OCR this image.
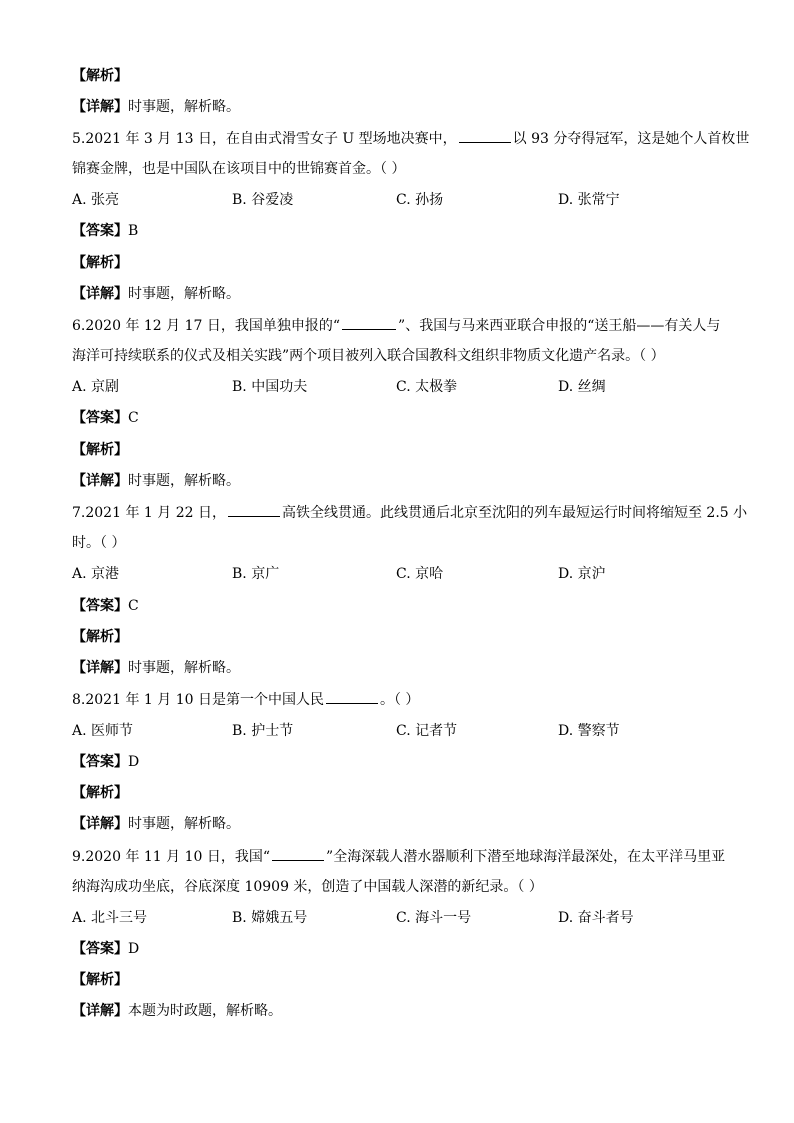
【解析】
【详解】时事题，解析略。
5.2021 年 3 月 13 日，在自由式滑雪女子 U 型场地决赛中，	以 93 分夺得冠军，这是她个人首枚世
锦赛金牌，也是中国队在该项目中的世锦赛首金。（ ）
A. 张亮	B. 谷爱凌	C. 孙扬	D. 张常宁
【答案】B
【解析】
【详解】时事题，解析略。
6.2020 年 12 月 17 日，我国单独申报的“	”、我国与马来西亚联合申报的“送王船——有关人与
海洋可持续联系的仪式及相关实践”两个项目被列入联合国教科文组织非物质文化遗产名录。（ ）
A. 京剧	B. 中国功夫	C. 太极拳	D. 丝绸
【答案】C
【解析】
【详解】时事题，解析略。
7.2021 年 1 月 22 日，	高铁全线贯通。此线贯通后北京至沈阳的列车最短运行时间将缩短至 2.5 小
时。（ ）
A. 京港	B. 京广	C. 京哈	D. 京沪
【答案】C
【解析】
【详解】时事题，解析略。
8.2021 年 1 月 10 日是第一个中国人民	。（ ）
A. 医师节	B. 护士节	C. 记者节	D. 警察节
【答案】D
【解析】
【详解】时事题，解析略。
9.2020 年 11 月 10 日，我国“	”全海深载人潜水器顺利下潜至地球海洋最深处，在太平洋马里亚
纳海沟成功坐底，谷底深度 10909 米，创造了中国载人深潜的新纪录。（ ）
A. 北斗三号	B. 嫦娥五号	C. 海斗一号	D. 奋斗者号
【答案】D
【解析】
【详解】本题为时政题，解析略。
